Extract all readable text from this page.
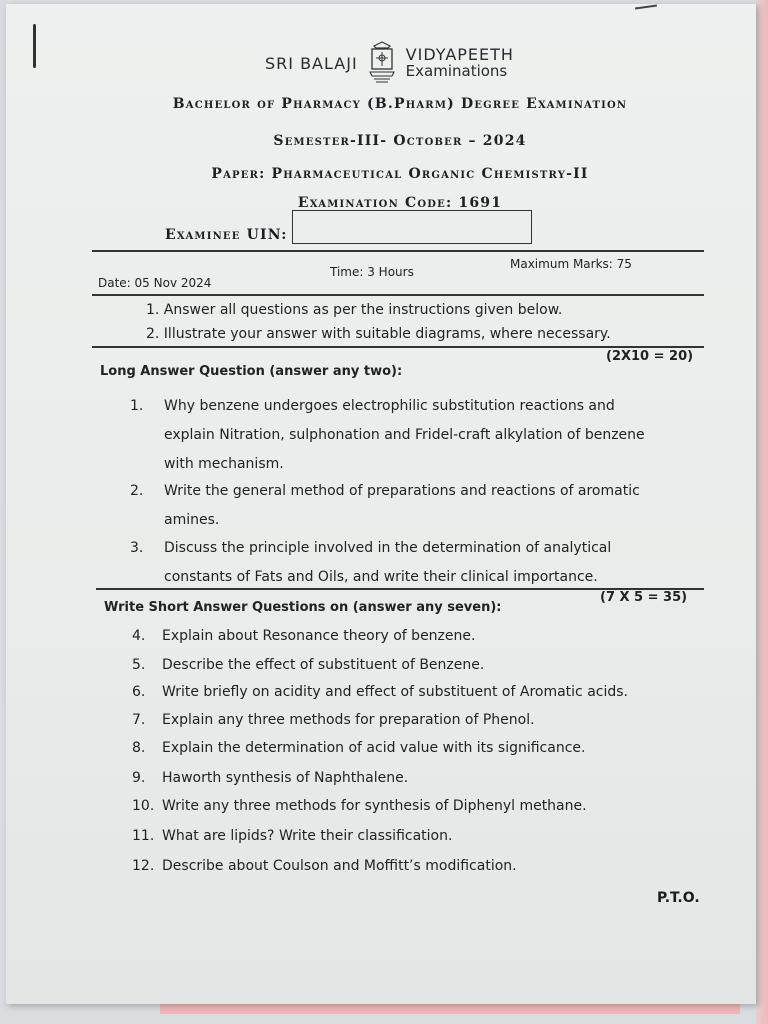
SRI BALAJI	VIDYAPEETH
Examinations
Bachelor of Pharmacy (B.Pharm) Degree Examination
Semester-III- October – 2024
Paper: Pharmaceutical Organic Chemistry-II
Examination Code: 1691
Examinee UIN:
Date: 05 Nov 2024
Time: 3 Hours
Maximum Marks: 75
1. Answer all questions as per the instructions given below.
2. Illustrate your answer with suitable diagrams, where necessary.
Long Answer Question (answer any two):
(2X10 = 20)
1. Why benzene undergoes electrophilic substitution reactions and
explain Nitration, sulphonation and Fridel-craft alkylation of benzene
with mechanism.
2. Write the general method of preparations and reactions of aromatic
amines.
3. Discuss the principle involved in the determination of analytical
constants of Fats and Oils, and write their clinical importance.
Write Short Answer Questions on (answer any seven):
(7 X 5 = 35)
4.	Explain about Resonance theory of benzene.
5.	Describe the effect of substituent of Benzene.
6.	Write briefly on acidity and effect of substituent of Aromatic acids.
7.	Explain any three methods for preparation of Phenol.
8.	Explain the determination of acid value with its significance.
9.	Haworth synthesis of Naphthalene.
10. Write any three methods for synthesis of Diphenyl methane.
11. What are lipids? Write their classification.
12. Describe about Coulson and Moffitt’s modification.
P.T.O.
